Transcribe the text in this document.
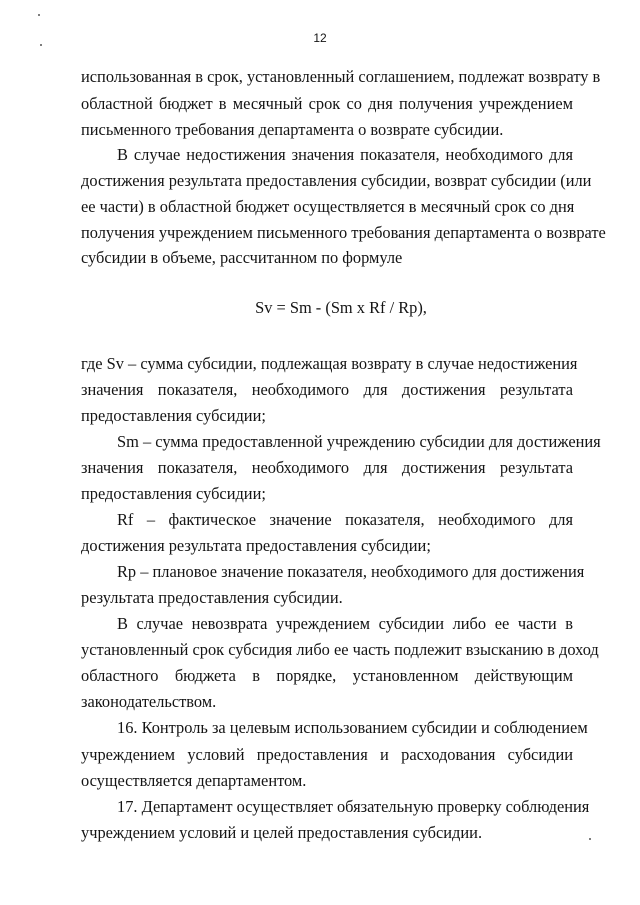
12
использованная в срок, установленный соглашением, подлежат возврату в
областной бюджет в месячный срок со дня получения учреждением
письменного требования департамента о возврате субсидии.
В случае недостижения значения показателя, необходимого для
достижения результата предоставления субсидии, возврат субсидии (или
ее части) в областной бюджет осуществляется в месячный срок со дня
получения учреждением письменного требования департамента о возврате
субсидии в объеме, рассчитанном по формуле
Sv = Sm - (Sm x Rf / Rp),
где Sv – сумма субсидии, подлежащая возврату в случае недостижения
значения показателя, необходимого для достижения результата
предоставления субсидии;
Sm – сумма предоставленной учреждению субсидии для достижения
значения показателя, необходимого для достижения результата
предоставления субсидии;
Rf – фактическое значение показателя, необходимого для
достижения результата предоставления субсидии;
Rp – плановое значение показателя, необходимого для достижения
результата предоставления субсидии.
В случае невозврата учреждением субсидии либо ее части в
установленный срок субсидия либо ее часть подлежит взысканию в доход
областного бюджета в порядке, установленном действующим
законодательством.
16. Контроль за целевым использованием субсидии и соблюдением
учреждением условий предоставления и расходования субсидии
осуществляется департаментом.
17. Департамент осуществляет обязательную проверку соблюдения
учреждением условий и целей предоставления субсидии.
